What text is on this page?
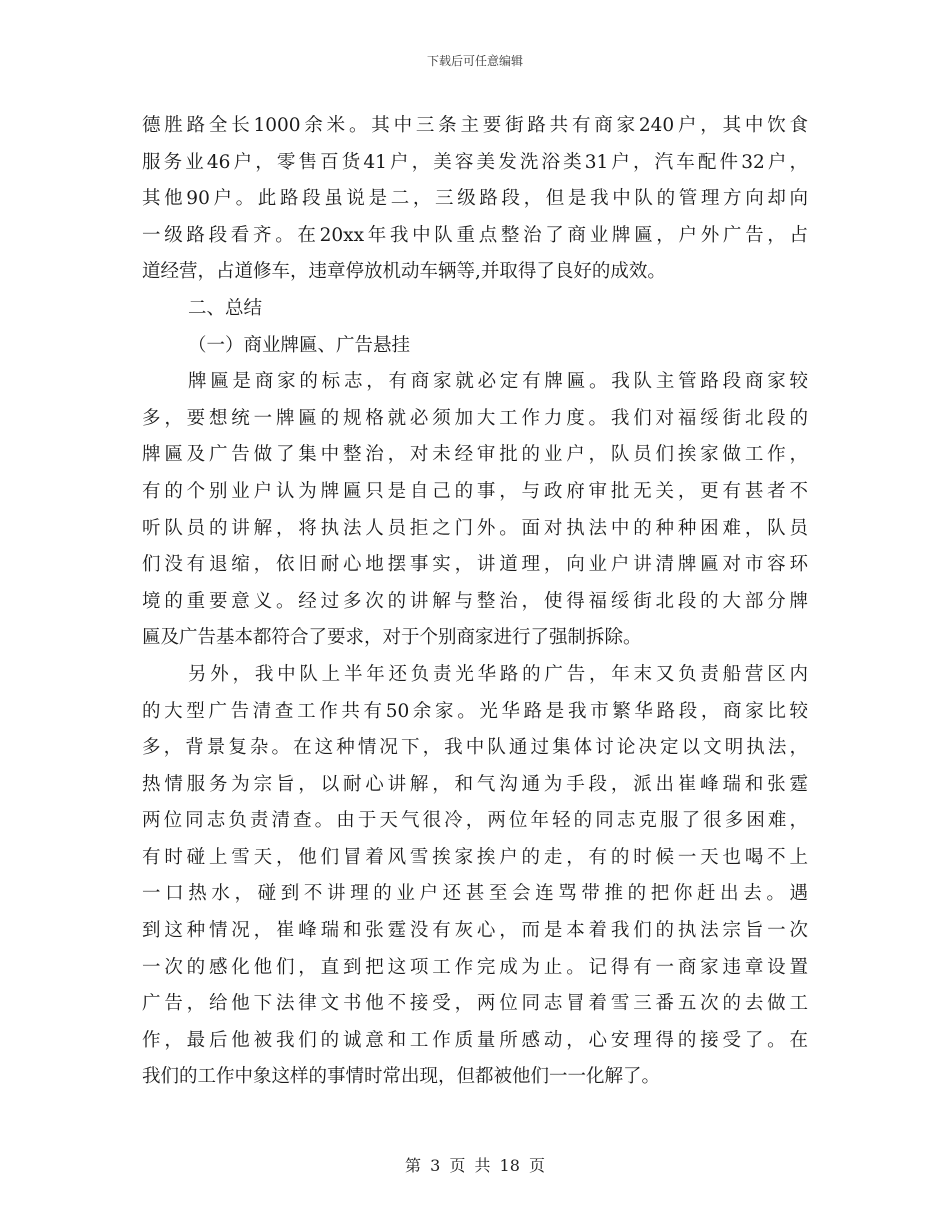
下载后可任意编辑
德胜路全长1000余米。其中三条主要街路共有商家240户，其中饮食
服务业46户，零售百货41户，美容美发洗浴类31户，汽车配件32户，
其他90户。此路段虽说是二，三级路段，但是我中队的管理方向却向
一级路段看齐。在20xx年我中队重点整治了商业牌匾，户外广告，占
道经营，占道修车，违章停放机动车辆等,并取得了良好的成效。
二、总结
（一）商业牌匾、广告悬挂
牌匾是商家的标志，有商家就必定有牌匾。我队主管路段商家较
多，要想统一牌匾的规格就必须加大工作力度。我们对福绥街北段的
牌匾及广告做了集中整治，对未经审批的业户，队员们挨家做工作，
有的个别业户认为牌匾只是自己的事，与政府审批无关，更有甚者不
听队员的讲解，将执法人员拒之门外。面对执法中的种种困难，队员
们没有退缩，依旧耐心地摆事实，讲道理，向业户讲清牌匾对市容环
境的重要意义。经过多次的讲解与整治，使得福绥街北段的大部分牌
匾及广告基本都符合了要求，对于个别商家进行了强制拆除。
另外，我中队上半年还负责光华路的广告，年末又负责船营区内
的大型广告清查工作共有50余家。光华路是我市繁华路段，商家比较
多，背景复杂。在这种情况下，我中队通过集体讨论决定以文明执法，
热情服务为宗旨，以耐心讲解，和气沟通为手段，派出崔峰瑞和张霆
两位同志负责清查。由于天气很冷，两位年轻的同志克服了很多困难，
有时碰上雪天，他们冒着风雪挨家挨户的走，有的时候一天也喝不上
一口热水，碰到不讲理的业户还甚至会连骂带推的把你赶出去。遇
到这种情况，崔峰瑞和张霆没有灰心，而是本着我们的执法宗旨一次
一次的感化他们，直到把这项工作完成为止。记得有一商家违章设置
广告，给他下法律文书他不接受，两位同志冒着雪三番五次的去做工
作，最后他被我们的诚意和工作质量所感动，心安理得的接受了。在
我们的工作中象这样的事情时常出现，但都被他们一一化解了。
第 3 页 共 18 页
